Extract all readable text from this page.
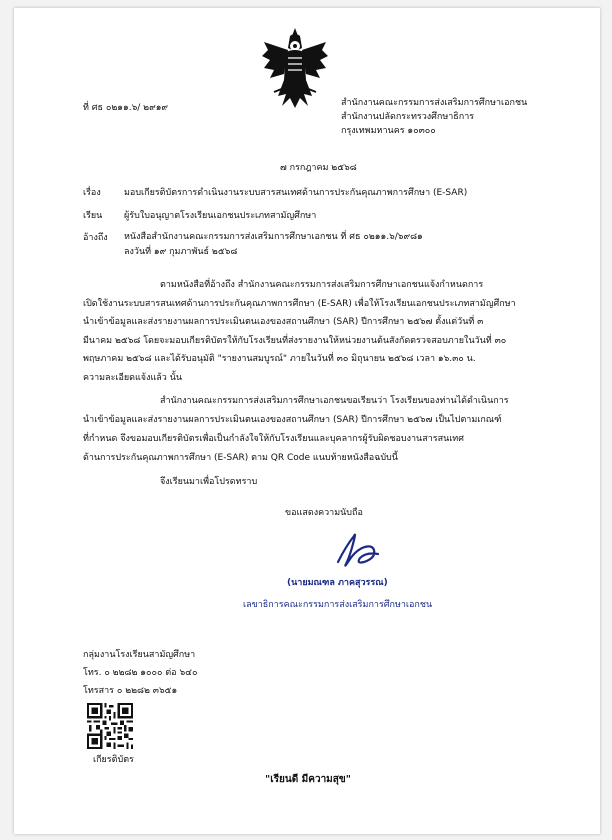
ที่ ศธ ๐๒๑๑.๖/ ๒๙๑๙	สำนักงานคณะกรรมการส่งเสริมการศึกษาเอกชน
สำนักงานปลัดกระทรวงศึกษาธิการ
กรุงเทพมหานคร ๑๐๓๐๐
๗ กรกฎาคม ๒๕๖๘
เรื่อง	มอบเกียรติบัตรการดำเนินงานระบบสารสนเทศด้านการประกันคุณภาพการศึกษา (E-SAR)
เรียน ผู้รับใบอนุญาตโรงเรียนเอกชนประเภทสามัญศึกษา
อ้างถึง หนังสือสำนักงานคณะกรรมการส่งเสริมการศึกษาเอกชน ที่ ศธ ๐๒๑๑.๖/๖๙๘๑
ลงวันที่ ๑๙ กุมภาพันธ์ ๒๕๖๘
ตามหนังสือที่อ้างถึง สำนักงานคณะกรรมการส่งเสริมการศึกษาเอกชนแจ้งกำหนดการ
เปิดใช้งานระบบสารสนเทศด้านการประกันคุณภาพการศึกษา (E-SAR) เพื่อให้โรงเรียนเอกชนประเภทสามัญศึกษา
นำเข้าข้อมูลและส่งรายงานผลการประเมินตนเองของสถานศึกษา (SAR) ปีการศึกษา ๒๕๖๗ ตั้งแต่วันที่ ๓
มีนาคม ๒๕๖๘ โดยจะมอบเกียรติบัตรให้กับโรงเรียนที่ส่งรายงานให้หน่วยงานต้นสังกัดตรวจสอบภายในวันที่ ๓๐
พฤษภาคม ๒๕๖๘ และได้รับอนุมัติ "รายงานสมบูรณ์" ภายในวันที่ ๓๐ มิถุนายน ๒๕๖๘ เวลา ๑๖.๓๐ น.
ความละเอียดแจ้งแล้ว นั้น
สำนักงานคณะกรรมการส่งเสริมการศึกษาเอกชนขอเรียนว่า โรงเรียนของท่านได้ดำเนินการ
นำเข้าข้อมูลและส่งรายงานผลการประเมินตนเองของสถานศึกษา (SAR) ปีการศึกษา ๒๕๖๗ เป็นไปตามเกณฑ์
ที่กำหนด จึงขอมอบเกียรติบัตรเพื่อเป็นกำลังใจให้กับโรงเรียนและบุคลากรผู้รับผิดชอบงานสารสนเทศ
ด้านการประกันคุณภาพการศึกษา (E-SAR) ตาม QR Code แนบท้ายหนังสือฉบับนี้
จึงเรียนมาเพื่อโปรดทราบ
ขอแสดงความนับถือ
(นายมณฑล ภาคสุวรรณ)
เลขาธิการคณะกรรมการส่งเสริมการศึกษาเอกชน
กลุ่มงานโรงเรียนสามัญศึกษา
โทร. ๐ ๒๒๘๒ ๑๐๐๐ ต่อ ๖๔๐
โทรสาร ๐ ๒๒๘๒ ๓๖๕๑
เกียรติบัตร
"เรียนดี มีความสุข"
